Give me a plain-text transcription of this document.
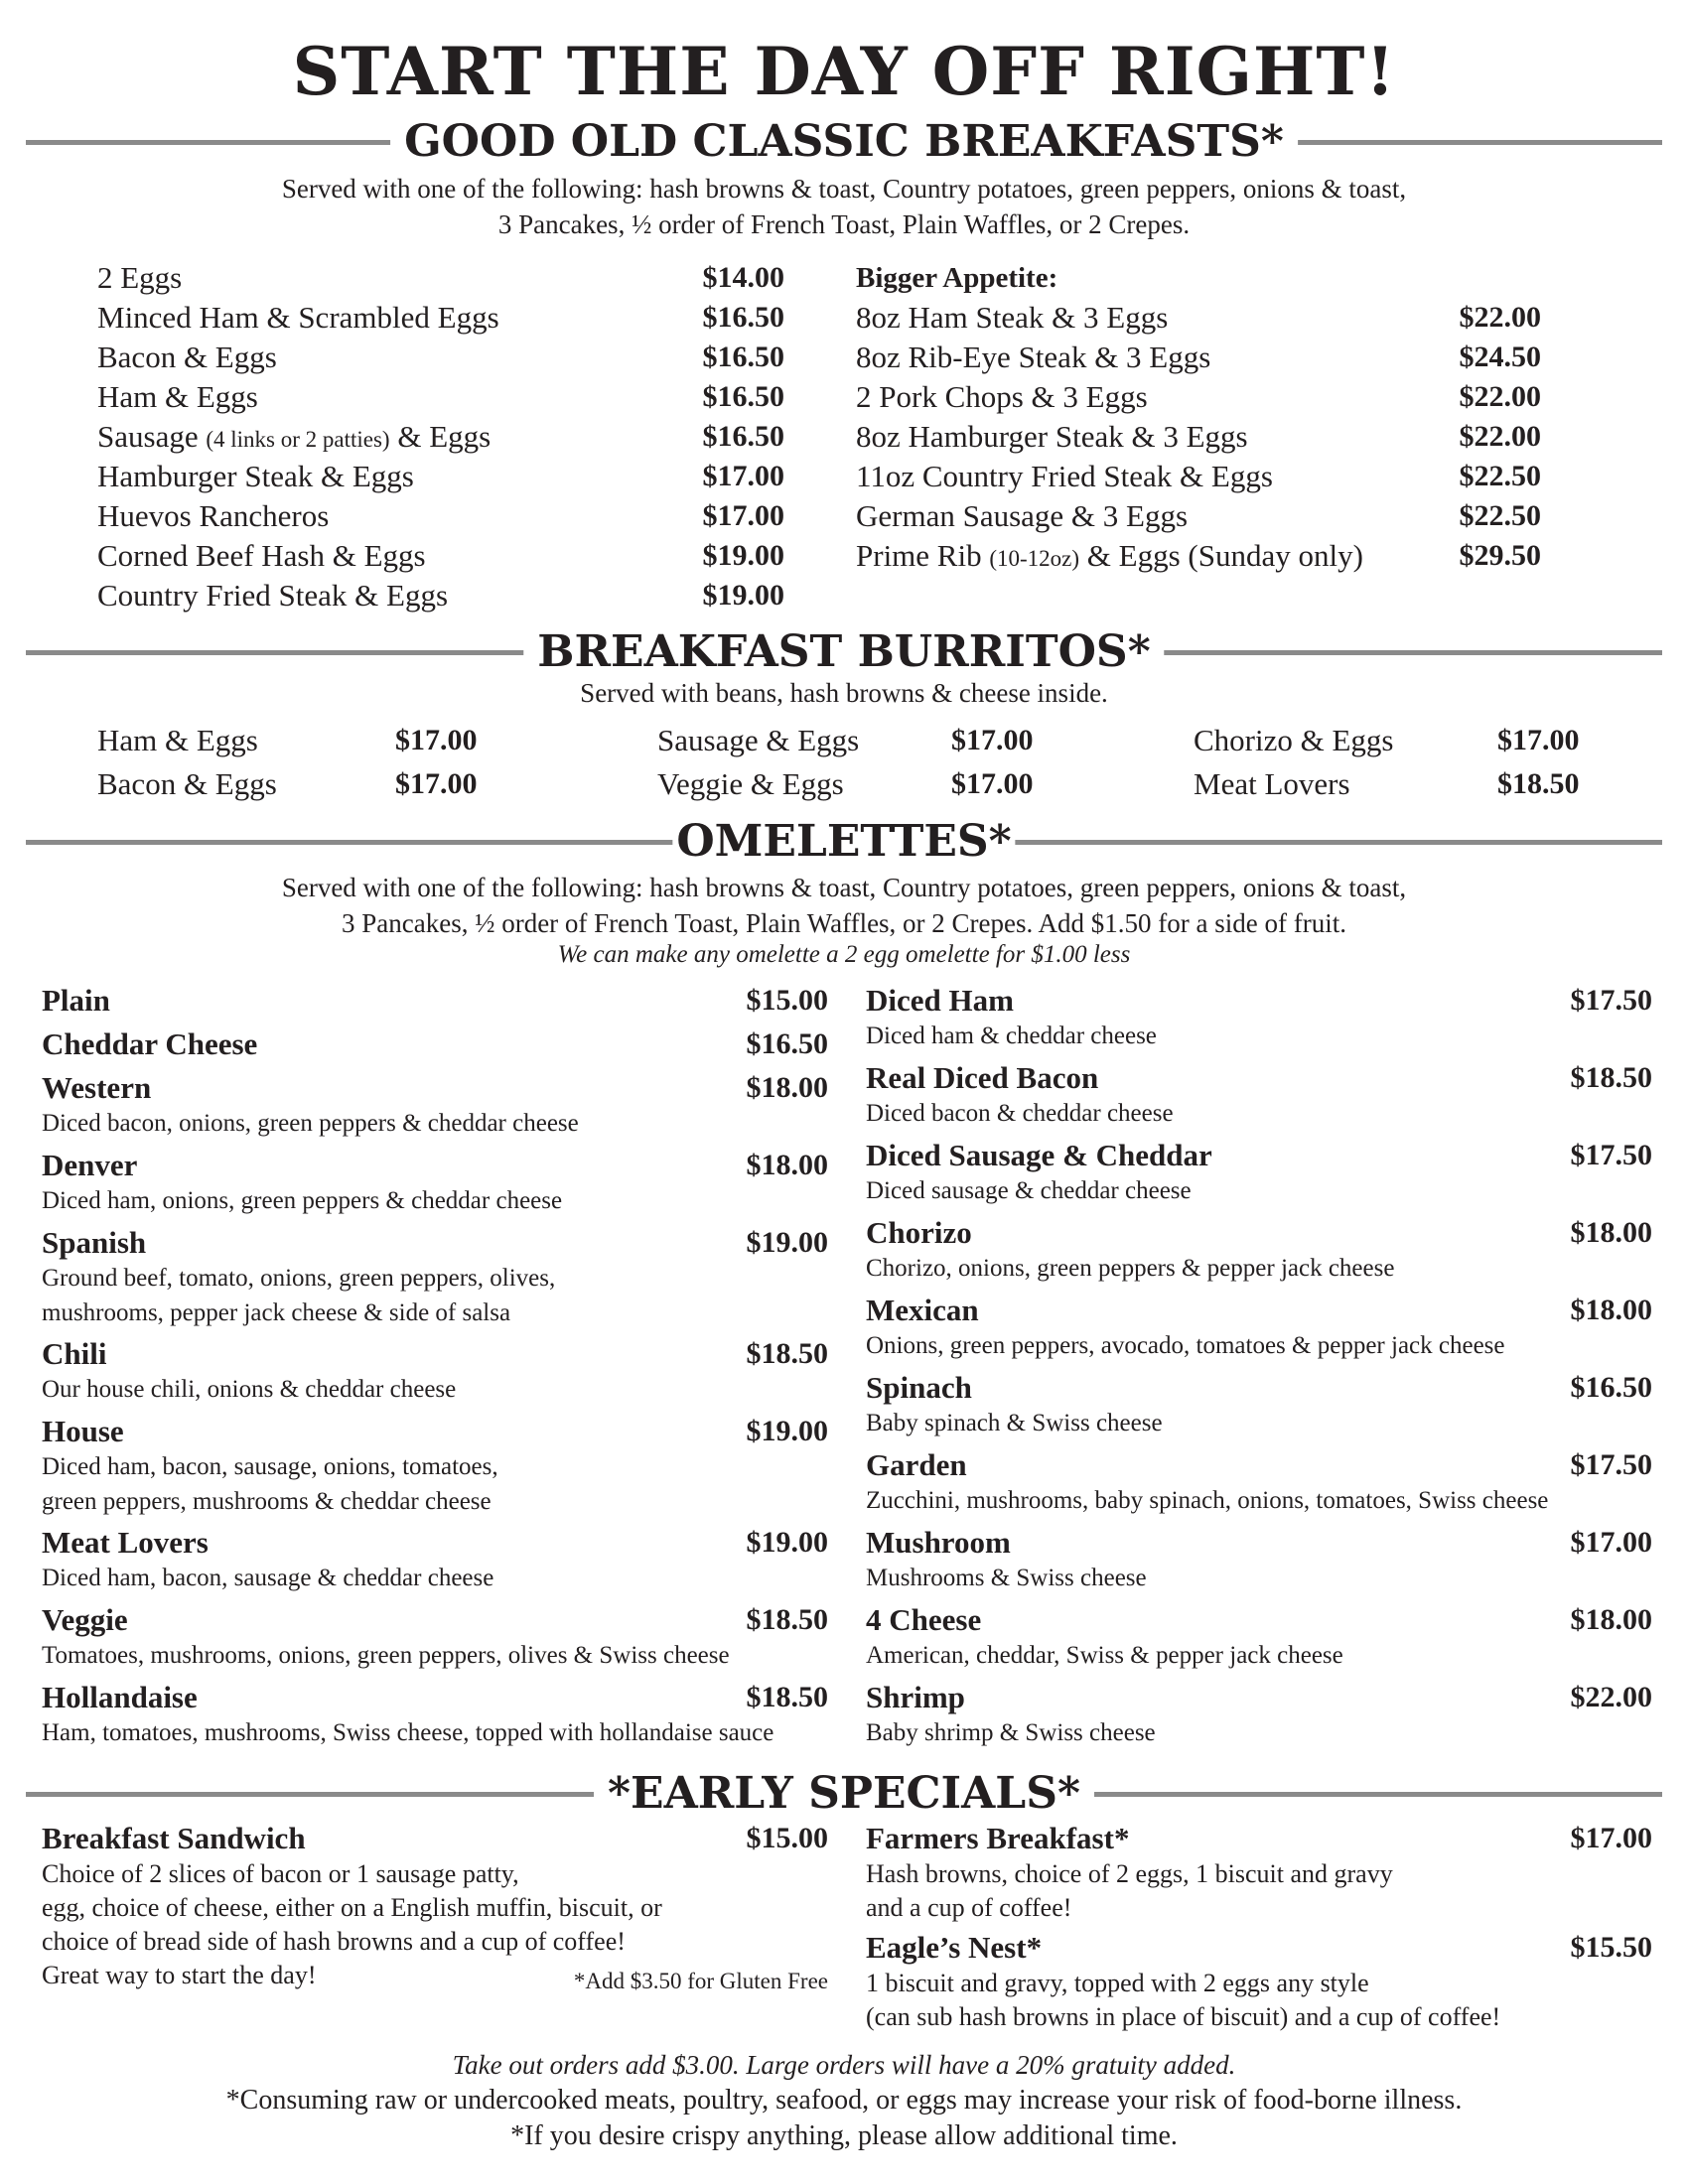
START THE DAY OFF RIGHT!
GOOD OLD CLASSIC BREAKFASTS*
Served with one of the following: hash browns & toast, Country potatoes, green peppers, onions & toast,
3 Pancakes, ½ order of French Toast, Plain Waffles, or 2 Crepes.
2 Eggs	$14.00
Minced Ham & Scrambled Eggs	$16.50
Bacon & Eggs	$16.50
Ham & Eggs	$16.50
Sausage (4 links or 2 patties) & Eggs	$16.50
Hamburger Steak & Eggs	$17.00
Huevos Rancheros	$17.00
Corned Beef Hash & Eggs	$19.00
Country Fried Steak & Eggs	$19.00
Bigger Appetite:
8oz Ham Steak & 3 Eggs	$22.00
8oz Rib-Eye Steak & 3 Eggs	$24.50
2 Pork Chops & 3 Eggs	$22.00
8oz Hamburger Steak & 3 Eggs	$22.00
11oz Country Fried Steak & Eggs	$22.50
German Sausage & 3 Eggs	$22.50
Prime Rib (10-12oz) & Eggs (Sunday only)	$29.50
BREAKFAST BURRITOS*
Served with beans, hash browns & cheese inside.
Ham & Eggs	$17.00
Bacon & Eggs	$17.00
Sausage & Eggs	$17.00
Veggie & Eggs	$17.00
Chorizo & Eggs	$17.00
Meat Lovers	$18.50
OMELETTES*
Served with one of the following: hash browns & toast, Country potatoes, green peppers, onions & toast,
3 Pancakes, ½ order of French Toast, Plain Waffles, or 2 Crepes. Add $1.50 for a side of fruit.
We can make any omelette a 2 egg omelette for $1.00 less
Plain	$15.00
Cheddar Cheese	$16.50
Western	$18.00
Diced bacon, onions, green peppers & cheddar cheese
Denver	$18.00
Diced ham, onions, green peppers & cheddar cheese
Spanish	$19.00
Ground beef, tomato, onions, green peppers, olives,
mushrooms, pepper jack cheese & side of salsa
Chili	$18.50
Our house chili, onions & cheddar cheese
House	$19.00
Diced ham, bacon, sausage, onions, tomatoes,
green peppers, mushrooms & cheddar cheese
Meat Lovers	$19.00
Diced ham, bacon, sausage & cheddar cheese
Veggie	$18.50
Tomatoes, mushrooms, onions, green peppers, olives & Swiss cheese
Hollandaise	$18.50
Ham, tomatoes, mushrooms, Swiss cheese, topped with hollandaise sauce
Diced Ham	$17.50
Diced ham & cheddar cheese
Real Diced Bacon	$18.50
Diced bacon & cheddar cheese
Diced Sausage & Cheddar	$17.50
Diced sausage & cheddar cheese
Chorizo	$18.00
Chorizo, onions, green peppers & pepper jack cheese
Mexican	$18.00
Onions, green peppers, avocado, tomatoes & pepper jack cheese
Spinach	$16.50
Baby spinach & Swiss cheese
Garden	$17.50
Zucchini, mushrooms, baby spinach, onions, tomatoes, Swiss cheese
Mushroom	$17.00
Mushrooms & Swiss cheese
4 Cheese	$18.00
American, cheddar, Swiss & pepper jack cheese
Shrimp	$22.00
Baby shrimp & Swiss cheese
*EARLY SPECIALS*
Breakfast Sandwich	$15.00
Choice of 2 slices of bacon or 1 sausage patty,
egg, choice of cheese, either on a English muffin, biscuit, or
choice of bread side of hash browns and a cup of coffee!
Great way to start the day!	*Add $3.50 for Gluten Free
Farmers Breakfast*	$17.00
Hash browns, choice of 2 eggs, 1 biscuit and gravy
and a cup of coffee!
Eagle’s Nest*	$15.50
1 biscuit and gravy, topped with 2 eggs any style
(can sub hash browns in place of biscuit) and a cup of coffee!
Take out orders add $3.00. Large orders will have a 20% gratuity added.
*Consuming raw or undercooked meats, poultry, seafood, or eggs may increase your risk of food-borne illness.
*If you desire crispy anything, please allow additional time.
